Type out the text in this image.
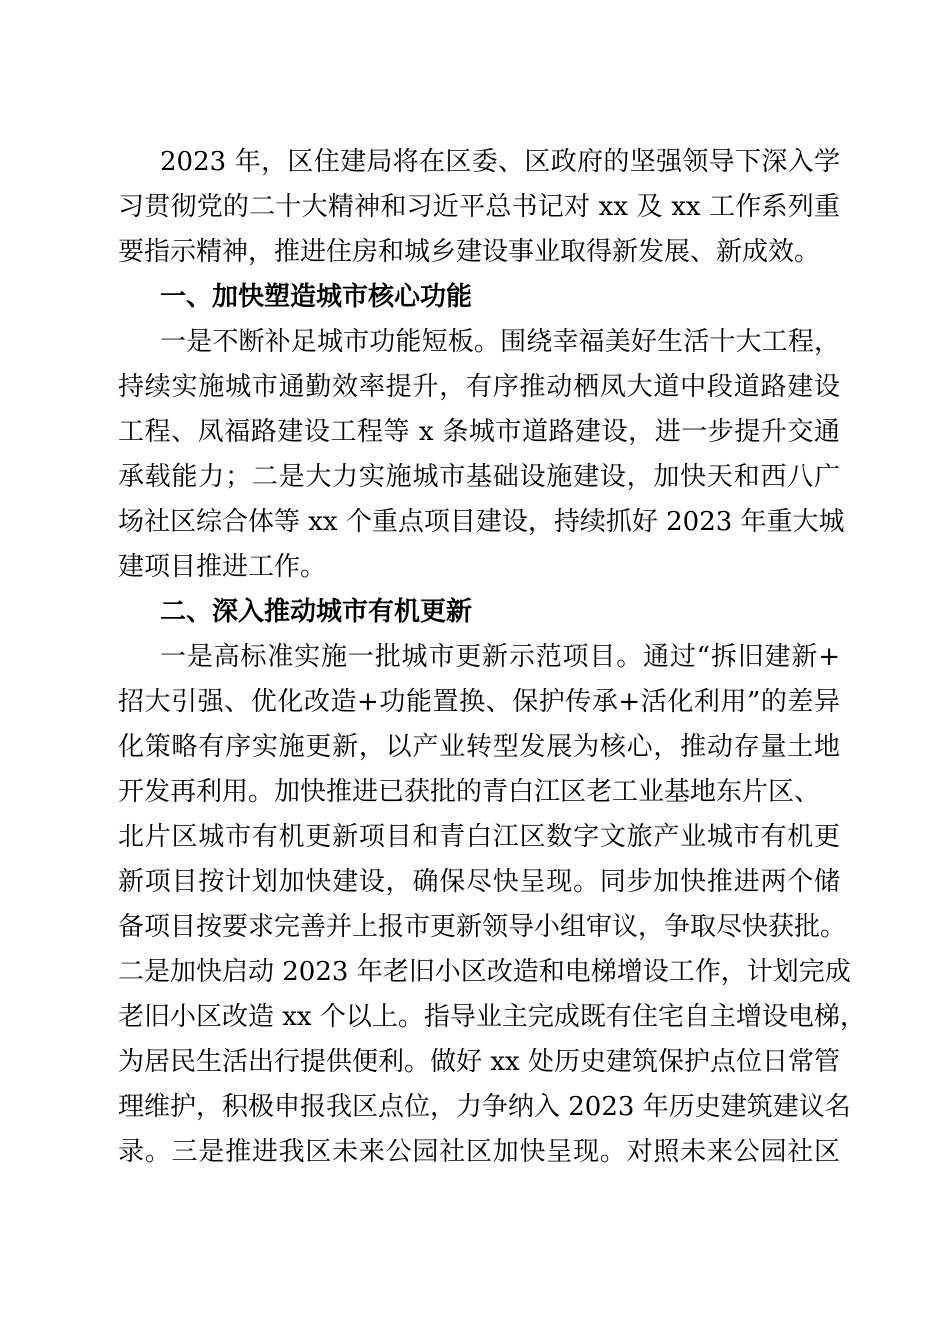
2023 年，区住建局将在区委、区政府的坚强领导下深入学
习贯彻党的二十大精神和习近平总书记对 xx 及 xx 工作系列重
要指示精神，推进住房和城乡建设事业取得新发展、新成效。
一、加快塑造城市核心功能
一是不断补足城市功能短板。围绕幸福美好生活十大工程，
持续实施城市通勤效率提升，有序推动栖凤大道中段道路建设
工程、凤福路建设工程等 x 条城市道路建设，进一步提升交通
承载能力；二是大力实施城市基础设施建设，加快天和西八广
场社区综合体等 xx 个重点项目建设，持续抓好 2023 年重大城
建项目推进工作。
二、深入推动城市有机更新
一是高标准实施一批城市更新示范项目。通过“拆旧建新+
招大引强、优化改造+功能置换、保护传承+活化利用”的差异
化策略有序实施更新，以产业转型发展为核心，推动存量土地
开发再利用。加快推进已获批的青白江区老工业基地东片区、
北片区城市有机更新项目和青白江区数字文旅产业城市有机更
新项目按计划加快建设，确保尽快呈现。同步加快推进两个储
备项目按要求完善并上报市更新领导小组审议，争取尽快获批。
二是加快启动 2023 年老旧小区改造和电梯增设工作，计划完成
老旧小区改造 xx 个以上。指导业主完成既有住宅自主增设电梯，
为居民生活出行提供便利。做好 xx 处历史建筑保护点位日常管
理维护，积极申报我区点位，力争纳入 2023 年历史建筑建议名
录。三是推进我区未来公园社区加快呈现。对照未来公园社区
